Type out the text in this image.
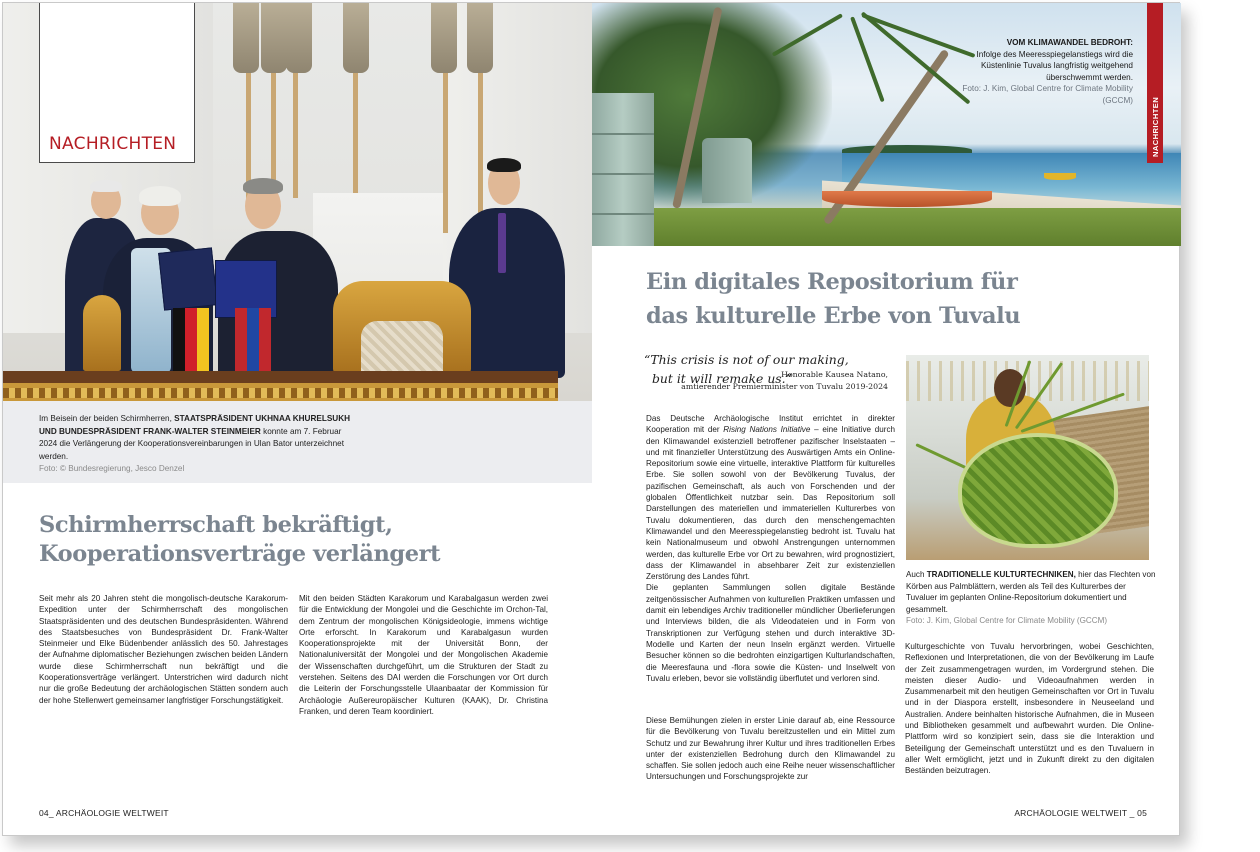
NACHRICHTEN
Im Beisein der beiden Schirmherren, STAATSPRÄSIDENT UKHNAA KHURELSUKH UND BUNDESPRÄSIDENT FRANK-WALTER STEINMEIER konnte am 7. Februar 2024 die Verlängerung der Kooperationsvereinbarungen in Ulan Bator unterzeichnet werden.
Foto: © Bundesregierung, Jesco Denzel
Schirmherrschaft bekräftigt,
Kooperationsverträge verlängert

Seit mehr als 20 Jahren steht die mongolisch-deutsche Karakorum-Expedition unter der Schirmherrschaft des mongolischen Staatspräsidenten und des deutschen Bundespräsidenten. Während des Staatsbesuches von Bundespräsident Dr. Frank-Walter Steinmeier und Elke Büdenbender anlässlich des 50. Jahrestages der Aufnahme diplomatischer Beziehungen zwischen beiden Ländern wurde diese Schirmherrschaft nun bekräftigt und die Kooperationsverträge verlängert. Unterstrichen wird dadurch nicht nur die große Bedeutung der archäologischen Stätten sondern auch der hohe Stellenwert gemeinsamer langfristiger Forschungstätigkeit.

Mit den beiden Städten Karakorum und Karabalgasun werden zwei für die Entwicklung der Mongolei und die Geschichte im Orchon-Tal, dem Zentrum der mongolischen Königsideologie, immens wichtige Orte erforscht. In Karakorum und Karabalgasun wurden Kooperationsprojekte mit der Universität Bonn, der Nationaluniversität der Mongolei und der Mongolischen Akademie der Wissenschaften durchgeführt, um die Strukturen der Stadt zu verstehen. Seitens des DAI werden die Forschungen vor Ort durch die Leiterin der Forschungsstelle Ulaanbaatar der Kommission für Archäologie Außereuropäischer Kulturen (KAAK), Dr. Christina Franken, und deren Team koordiniert.

04_ ARCHÄOLOGIE WELTWEIT
VOM KLIMAWANDEL BEDROHT:
Infolge des Meeresspiegelanstiegs wird die Küstenlinie Tuvalus langfristig weitgehend überschwemmt werden.
Foto: J. Kim, Global Centre for Climate Mobility (GCCM) NACHRICHTEN
Ein digitales Repositorium für
das kulturelle Erbe von Tuvalu
“This crisis is not of our making,
but it will remake us.”
Honorable Kausea Natano,
amtierender Premierminister von Tuvalu 2019-2024

Das Deutsche Archäologische Institut errichtet in direkter Kooperation mit der Rising Nations Initiative – eine Initiative durch den Klimawandel existenziell betroffener pazifischer Inselstaaten – und mit finanzieller Unterstützung des Auswärtigen Amts ein Online-Repositorium sowie eine virtuelle, interaktive Plattform für kulturelles Erbe. Sie sollen sowohl von der Bevölkerung Tuvalus, der pazifischen Gemeinschaft, als auch von Forschenden und der globalen Öffentlichkeit nutzbar sein. Das Repositorium soll Darstellungen des materiellen und immateriellen Kulturerbes von Tuvalu dokumentieren, das durch den menschengemachten Klimawandel und den Meeresspiegelanstieg bedroht ist. Tuvalu hat kein Nationalmuseum und obwohl Anstrengungen unternommen werden, das kulturelle Erbe vor Ort zu bewahren, wird prognostiziert, dass der Klimawandel in absehbarer Zeit zur existenziellen Zerstörung des Landes führt.

Die geplanten Sammlungen sollen digitale Bestände zeitgenössischer Aufnahmen von kulturellen Praktiken umfassen und damit ein lebendiges Archiv traditioneller mündlicher Überlieferungen und Interviews bilden, die als Videodateien und in Form von Transkriptionen zur Verfügung stehen und durch interaktive 3D-Modelle und Karten der neun Inseln ergänzt werden. Virtuelle Besucher können so die bedrohten einzigartigen Kulturlandschaften, die Meeresfauna und -flora sowie die Küsten- und Inselwelt von Tuvalu erleben, bevor sie vollständig überflutet und verloren sind.

Diese Bemühungen zielen in erster Linie darauf ab, eine Ressource für die Bevölkerung von Tuvalu bereitzustellen und ein Mittel zum Schutz und zur Bewahrung ihrer Kultur und ihres traditionellen Erbes unter der existenziellen Bedrohung durch den Klimawandel zu schaffen. Sie sollen jedoch auch eine Reihe neuer wissenschaftlicher Untersuchungen und Forschungsprojekte zur

Auch TRADITIONELLE KULTURTECHNIKEN, hier das Flechten von Körben aus Palmblättern, werden als Teil des Kulturerbes der Tuvaluer im geplanten Online-Repositorium dokumentiert und gesammelt.
Foto: J. Kim, Global Centre for Climate Mobility (GCCM)

Kulturgeschichte von Tuvalu hervorbringen, wobei Geschichten, Reflexionen und Interpretationen, die von der Bevölkerung im Laufe der Zeit zusammengetragen wurden, im Vordergrund stehen. Die meisten dieser Audio- und Videoaufnahmen werden in Zusammenarbeit mit den heutigen Gemeinschaften vor Ort in Tuvalu und in der Diaspora erstellt, insbesondere in Neuseeland und Australien. Andere beinhalten historische Aufnahmen, die in Museen und Bibliotheken gesammelt und aufbewahrt wurden. Die Online-Plattform wird so konzipiert sein, dass sie die Interaktion und Beteiligung der Gemeinschaft unterstützt und es den Tuvaluern in aller Welt ermöglicht, jetzt und in Zukunft direkt zu den digitalen Beständen beizutragen.

ARCHÄOLOGIE WELTWEIT _ 05
